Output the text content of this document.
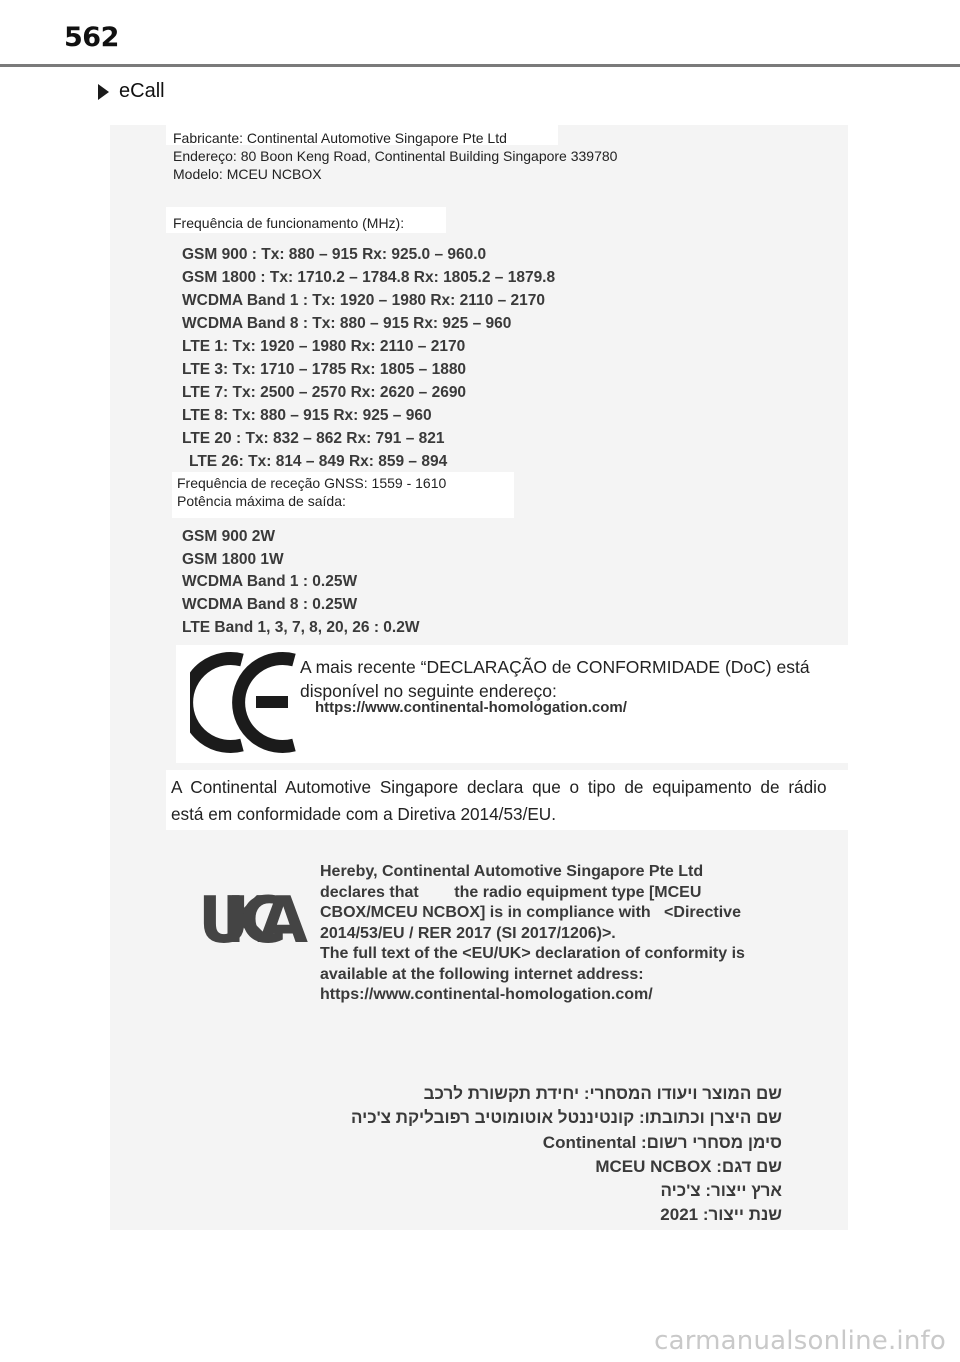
562
eCall
Fabricante: Continental Automotive Singapore Pte Ltd
Endereço: 80 Boon Keng Road, Continental Building Singapore 339780
Modelo: MCEU NCBOX
Frequência de funcionamento (MHz):
GSM 900 : Tx: 880 – 915 Rx: 925.0 – 960.0
GSM 1800 : Tx: 1710.2 – 1784.8 Rx: 1805.2 – 1879.8
WCDMA Band 1 : Tx: 1920 – 1980 Rx: 2110 – 2170
WCDMA Band 8 : Tx: 880 – 915 Rx: 925 – 960
LTE 1: Tx: 1920 – 1980 Rx: 2110 – 2170
LTE 3: Tx: 1710 – 1785 Rx: 1805 – 1880
LTE 7: Tx: 2500 – 2570 Rx: 2620 – 2690
LTE 8: Tx: 880 – 915 Rx: 925 – 960
LTE 20 : Tx: 832 – 862 Rx: 791 – 821
LTE 26: Tx: 814 – 849 Rx: 859 – 894
Frequência de receção GNSS: 1559 - 1610
Potência máxima de saída:
GSM 900 2W
GSM 1800 1W
WCDMA Band 1 : 0.25W
WCDMA Band 8 : 0.25W
LTE Band 1, 3, 7, 8, 20, 26 : 0.2W
A mais recente “DECLARAÇÃO de CONFORMIDADE (DoC) está
disponível no seguinte endereço:
https://www.continental-homologation.com/
A Continental Automotive Singapore declara que o tipo de equipamento de rádio
está em conformidade com a Diretiva 2014/53/EU.
UKCA
Hereby, Continental Automotive Singapore Pte Ltd
declares that        the radio equipment type [MCEU
CBOX/MCEU NCBOX] is in compliance with   <Directive
2014/53/EU / RER 2017 (SI 2017/1206)>.
The full text of the <EU/UK> declaration of conformity is
available at the following internet address:
https://www.continental-homologation.com/
שם המוצר ויעודו המסחרי: יחידת תקשורת לרכב
שם היצרן וכתובתו: קונטיננטל אוטומוטיב רפובליקת צ'כיה
סימן מסחרי רשום: Continental
שם דגם: MCEU NCBOX
ארץ ייצור: צ'כיה
שנת ייצור: 2021
carmanualsonline.info
